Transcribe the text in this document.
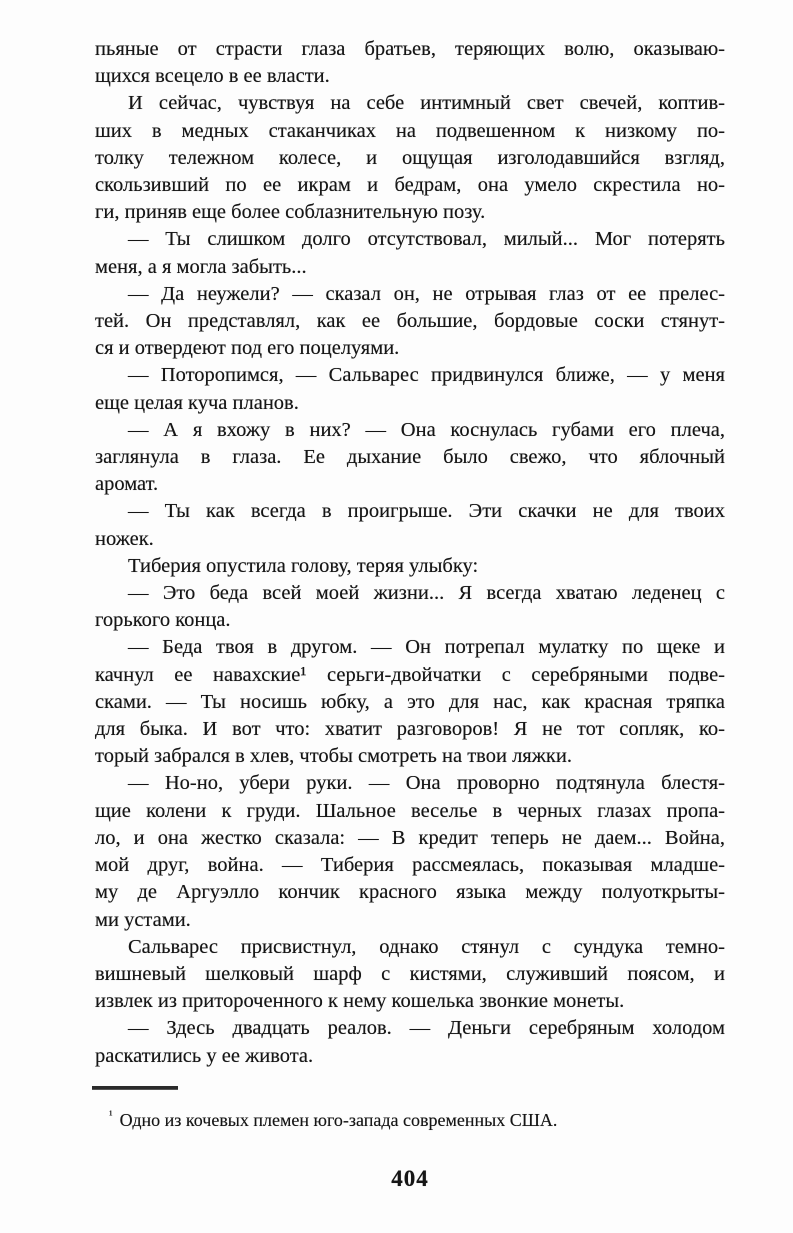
пьяные от страсти глаза братьев, теряющих волю, оказываю-
щихся всецело в ее власти.
И сейчас, чувствуя на себе интимный свет свечей, коптив-
ших в медных стаканчиках на подвешенном к низкому по-
толку тележном колесе, и ощущая изголодавшийся взгляд,
скользивший по ее икрам и бедрам, она умело скрестила но-
ги, приняв еще более соблазнительную позу.
— Ты слишком долго отсутствовал, милый... Мог потерять
меня, а я могла забыть...
— Да неужели? — сказал он, не отрывая глаз от ее прелес-
тей. Он представлял, как ее большие, бордовые соски стянут-
ся и отвердеют под его поцелуями.
— Поторопимся, — Сальварес придвинулся ближе, — у меня
еще целая куча планов.
— А я вхожу в них? — Она коснулась губами его плеча,
заглянула в глаза. Ее дыхание было свежо, что яблочный
аромат.
— Ты как всегда в проигрыше. Эти скачки не для твоих
ножек.
Тиберия опустила голову, теряя улыбку:
— Это беда всей моей жизни... Я всегда хватаю леденец с
горького конца.
— Беда твоя в другом. — Он потрепал мулатку по щеке и
качнул ее навахские¹ серьги-двойчатки с серебряными подве-
сками. — Ты носишь юбку, а это для нас, как красная тряпка
для быка. И вот что: хватит разговоров! Я не тот сопляк, ко-
торый забрался в хлев, чтобы смотреть на твои ляжки.
— Но-но, убери руки. — Она проворно подтянула блестя-
щие колени к груди. Шальное веселье в черных глазах пропа-
ло, и она жестко сказала: — В кредит теперь не даем... Война,
мой друг, война. — Тиберия рассмеялась, показывая младше-
му де Аргуэлло кончик красного языка между полуоткрыты-
ми устами.
Сальварес присвистнул, однако стянул с сундука темно-
вишневый шелковый шарф с кистями, служивший поясом, и
извлек из притороченного к нему кошелька звонкие монеты.
— Здесь двадцать реалов. — Деньги серебряным холодом
раскатились у ее живота.
$^{^1}$ Одно из кочевых племен юго-запада современных США.
404
